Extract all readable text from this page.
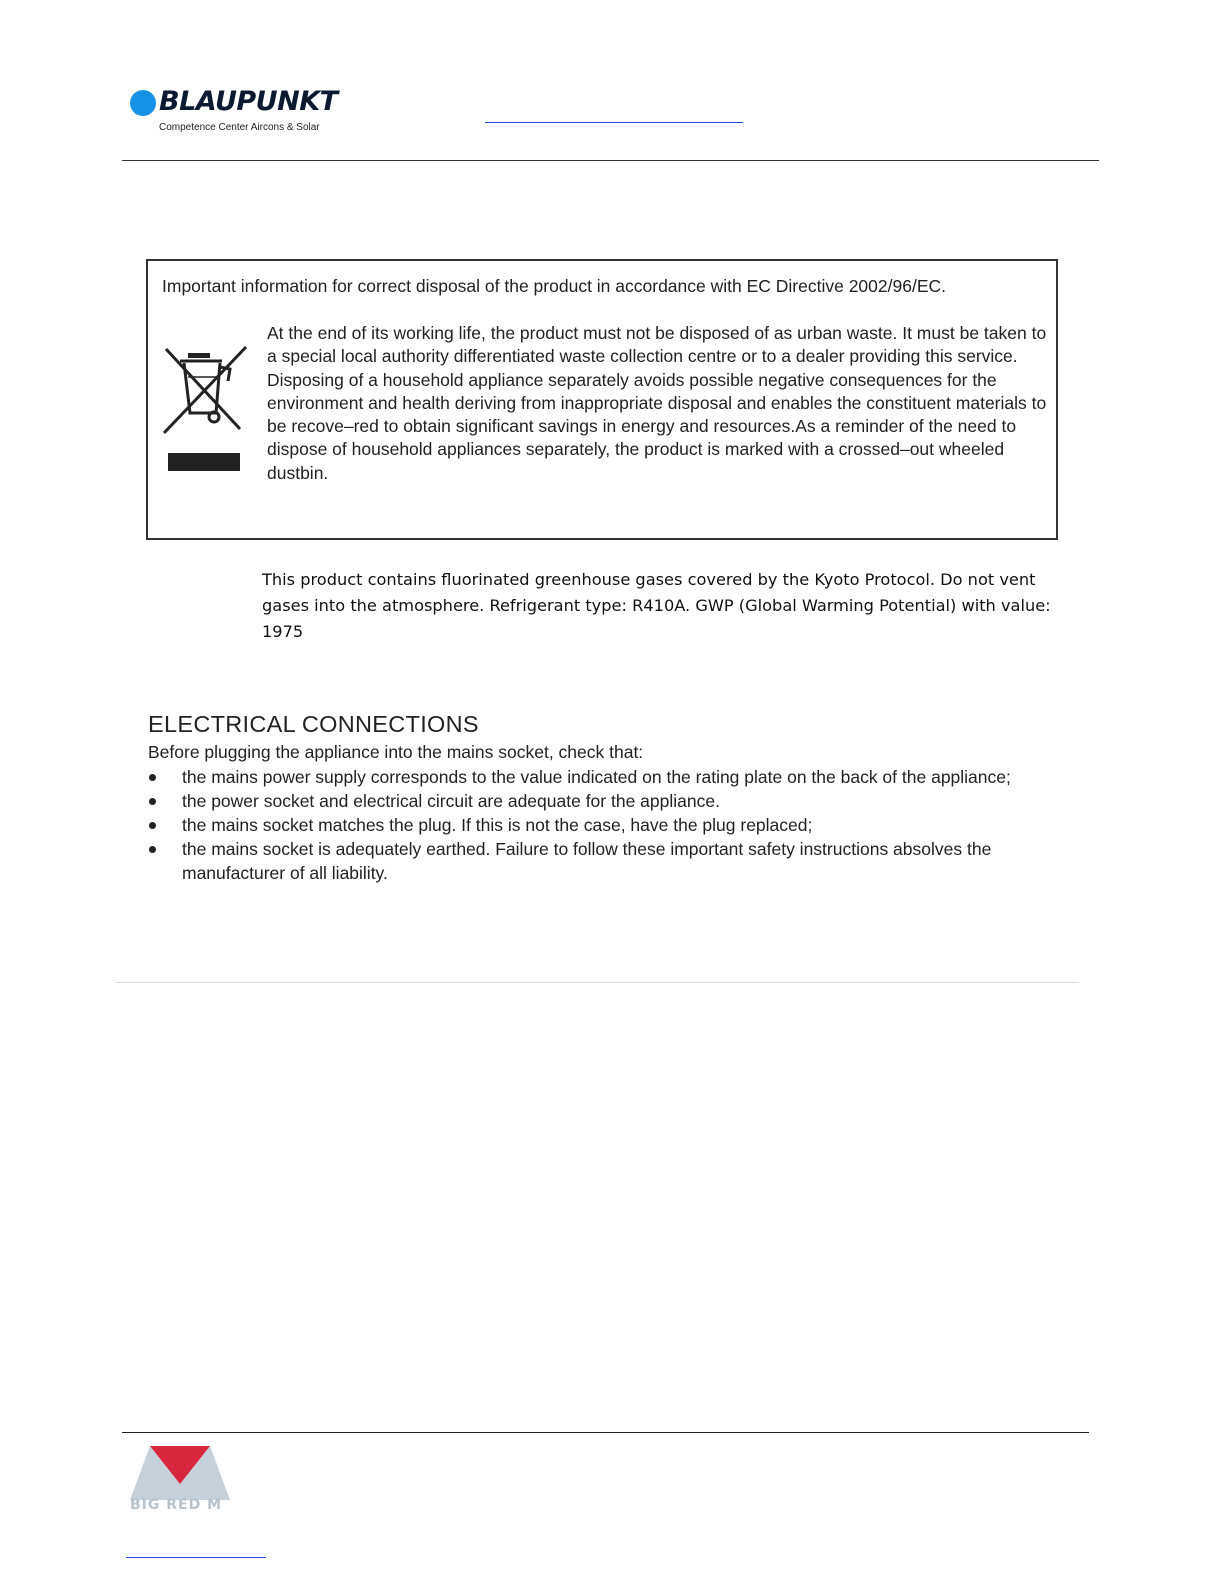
BLAUPUNKT
Competence Center Aircons & Solar
Important information for correct disposal of the product in accordance with EC Directive 2002/96/EC.
At the end of its working life, the product must not be disposed of as urban waste. It must be taken to a special local authority differentiated waste collection centre or to a dealer providing this service. Disposing of a household appliance separately avoids possible negative consequences for the environment and health deriving from inappropriate disposal and enables the constituent materials to be recove–red to obtain significant savings in energy and resources.As a reminder of the need to dispose of household appliances separately, the product is marked with a crossed–out wheeled dustbin.
This product contains fluorinated greenhouse gases covered by the Kyoto Protocol. Do not vent gases into the atmosphere. Refrigerant type: R410A. GWP (Global Warming Potential) with value: 1975
ELECTRICAL CONNECTIONS
Before plugging the appliance into the mains socket, check that:
the mains power supply corresponds to the value indicated on the rating plate on the back of the appliance;
the power socket and electrical circuit are adequate for the appliance.
the mains socket matches the plug. If this is not the case, have the plug replaced;
the mains socket is adequately earthed. Failure to follow these important safety instructions absolves the manufacturer of all liability.
BIG RED M
